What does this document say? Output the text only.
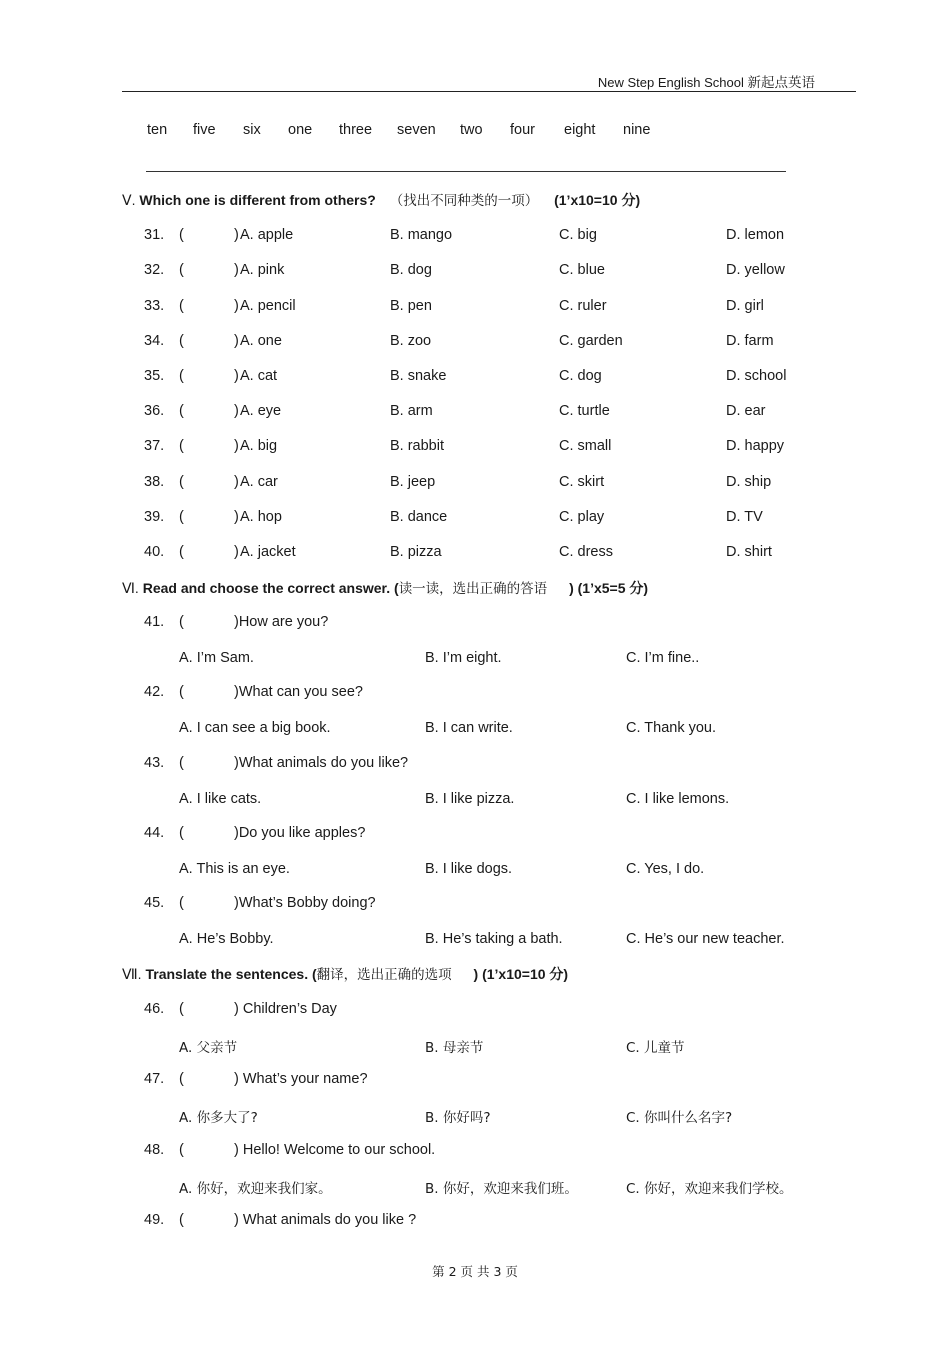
New Step English School 新起点英语
ten five six one three seven two four eight nine
Ⅴ. Which one is different from others? （找出不同种类的一项） (1’x10=10 分)
31. (	) A. apple	B. mango	C. big	D. lemon
32. (	) A. pink	B. dog	C. blue	D. yellow
33. (	) A. pencil	B. pen	C. ruler	D. girl
34. (	) A. one	B. zoo	C. garden	D. farm
35. (	) A. cat	B. snake	C. dog	D. school
36. (	) A. eye	B. arm	C. turtle	D. ear
37. (	) A. big	B. rabbit	C. small	D. happy
38. (	) A. car	B. jeep	C. skirt	D. ship
39. (	) A. hop	B. dance	C. play	D. TV
40. (	) A. jacket	B. pizza	C. dress	D. shirt
Ⅵ. Read and choose the correct answer. (读一读，选出正确的答语 ) (1’x5=5 分)
41. (	)How are you?
A. I’m Sam.	B. I’m eight.	C. I’m fine..
42. (	)What can you see?
A. I can see a big book.	B. I can write.	C. Thank you.
43. (	)What animals do you like?
A. I like cats.	B. I like pizza.	C. I like lemons.
44. (	)Do you like apples?
A. This is an eye.	B. I like dogs.	C. Yes, I do.
45. (	)What’s Bobby doing?
A. He’s Bobby.	B. He’s taking a bath.	C. He’s our new teacher.
Ⅶ. Translate the sentences. (翻译，选出正确的选项 ) (1’x10=10 分)
46. (	) Children’s Day
A. 父亲节	B. 母亲节	C. 儿童节
47. (	) What’s your name?
A. 你多大了?	B. 你好吗?	C. 你叫什么名字?
48. (	) Hello! Welcome to our school.
A. 你好，欢迎来我们家。	B. 你好，欢迎来我们班。	C. 你好，欢迎来我们学校。
49. (	) What animals do you like ?
第 2 页 共 3 页
